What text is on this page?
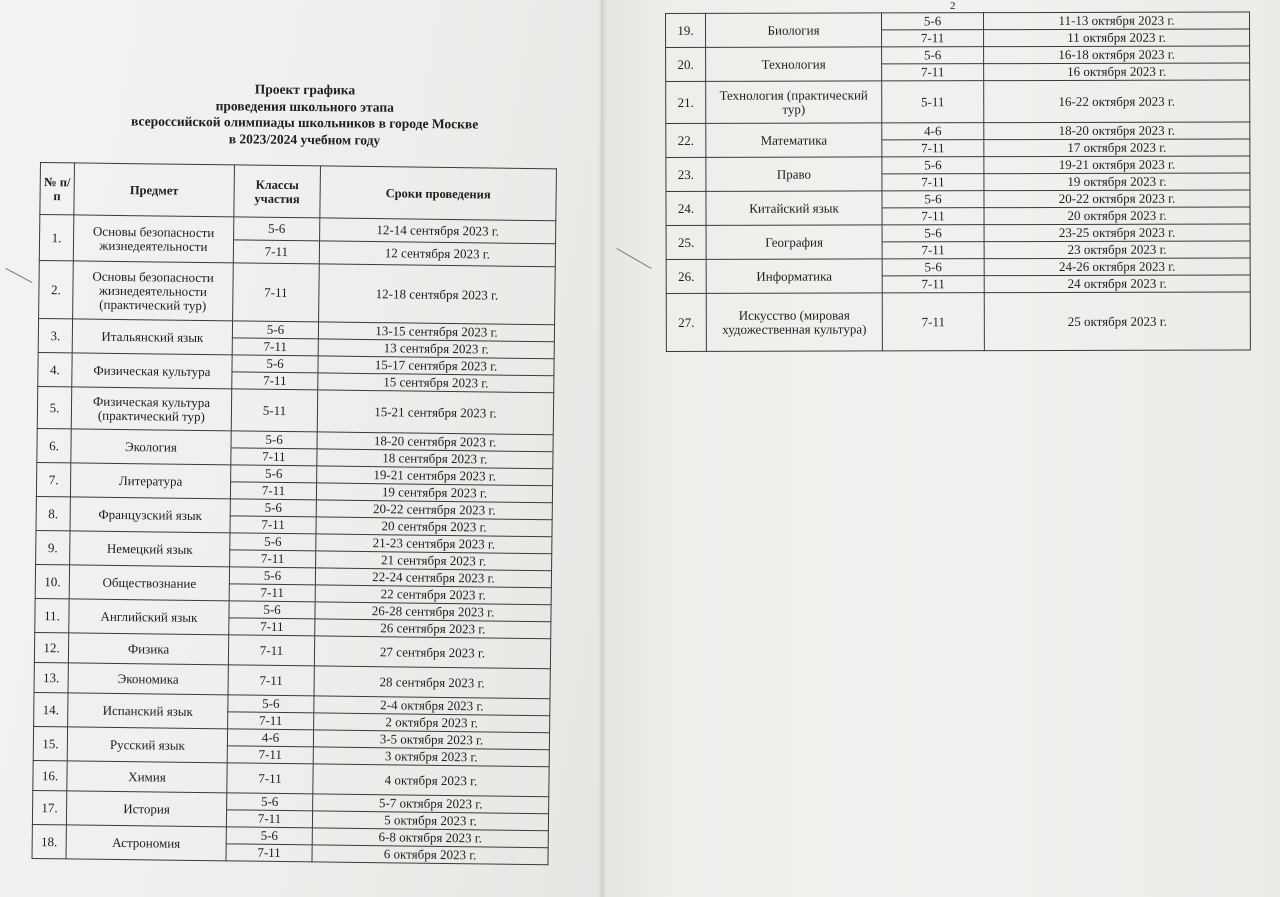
Проект графика
проведения школьного этапа
всероссийской олимпиады школьников в городе Москве
в 2023/2024 учебном году
2
№ п/п	Предмет	Классы участия	Сроки проведения
1.	Основы безопасности жизнедеятельности	5-6	12-14 сентября 2023 г.
		7-11	12 сентября 2023 г.
2.	Основы безопасности жизнедеятельности (практический тур)	7-11	12-18 сентября 2023 г.
3.	Итальянский язык	5-6	13-15 сентября 2023 г.
		7-11	13 сентября 2023 г.
4.	Физическая культура	5-6	15-17 сентября 2023 г.
		7-11	15 сентября 2023 г.
5.	Физическая культура (практический тур)	5-11	15-21 сентября 2023 г.
6.	Экология	5-6	18-20 сентября 2023 г.
		7-11	18 сентября 2023 г.
7.	Литература	5-6	19-21 сентября 2023 г.
		7-11	19 сентября 2023 г.
8.	Французский язык	5-6	20-22 сентября 2023 г.
		7-11	20 сентября 2023 г.
9.	Немецкий язык	5-6	21-23 сентября 2023 г.
		7-11	21 сентября 2023 г.
10.	Обществознание	5-6	22-24 сентября 2023 г.
		7-11	22 сентября 2023 г.
11.	Английский язык	5-6	26-28 сентября 2023 г.
		7-11	26 сентября 2023 г.
12.	Физика	7-11	27 сентября 2023 г.
13.	Экономика	7-11	28 сентября 2023 г.
14.	Испанский язык	5-6	2-4 октября 2023 г.
		7-11	2 октября 2023 г.
15.	Русский язык	4-6	3-5 октября 2023 г.
		7-11	3 октября 2023 г.
16.	Химия	7-11	4 октября 2023 г.
17.	История	5-6	5-7 октября 2023 г.
		7-11	5 октября 2023 г.
18.	Астрономия	5-6	6-8 октября 2023 г.
		7-11	6 октября 2023 г.
19.	Биология	5-6	11-13 октября 2023 г.
		7-11	11 октября 2023 г.
20.	Технология	5-6	16-18 октября 2023 г.
		7-11	16 октября 2023 г.
21.	Технология (практический тур)	5-11	16-22 октября 2023 г.
22.	Математика	4-6	18-20 октября 2023 г.
		7-11	17 октября 2023 г.
23.	Право	5-6	19-21 октября 2023 г.
		7-11	19 октября 2023 г.
24.	Китайский язык	5-6	20-22 октября 2023 г.
		7-11	20 октября 2023 г.
25.	География	5-6	23-25 октября 2023 г.
		7-11	23 октября 2023 г.
26.	Информатика	5-6	24-26 октября 2023 г.
		7-11	24 октября 2023 г.
27.	Искусство (мировая художественная культура)	7-11	25 октября 2023 г.
